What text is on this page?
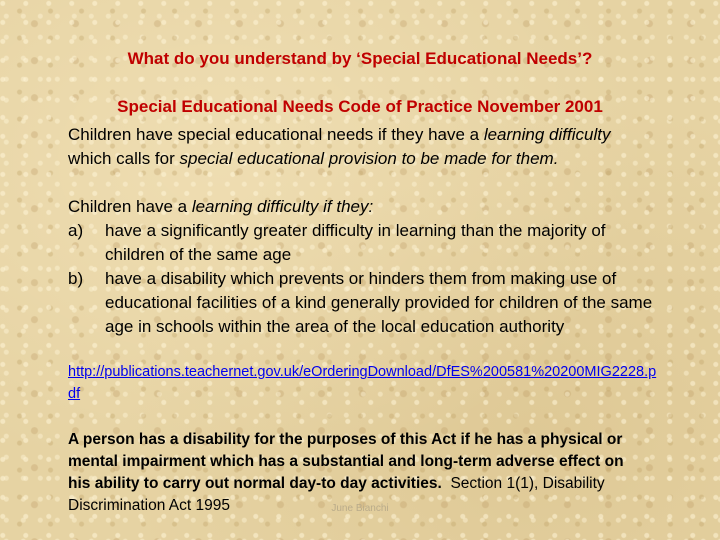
What do you understand by ‘Special Educational Needs’?
Special Educational Needs Code of Practice November 2001

Children have special educational needs if they have a learning difficulty which calls for special educational provision to be made for them.

Children have a learning difficulty if they:

a)	have a significantly greater difficulty in learning than the majority of children of the same age
b)	have a disability which prevents or hinders them from making use of educational facilities of a kind generally provided for children of the same age in schools within the area of the local education authority
http://publications.teachernet.gov.uk/eOrderingDownload/DfES%200581%20200MIG2228.pdf
A person has a disability for the purposes of this Act if he has a physical or mental impairment which has a substantial and long-term adverse effect on his ability to carry out normal day-to day activities. Section 1(1), Disability Discrimination Act 1995	June Bianchi
